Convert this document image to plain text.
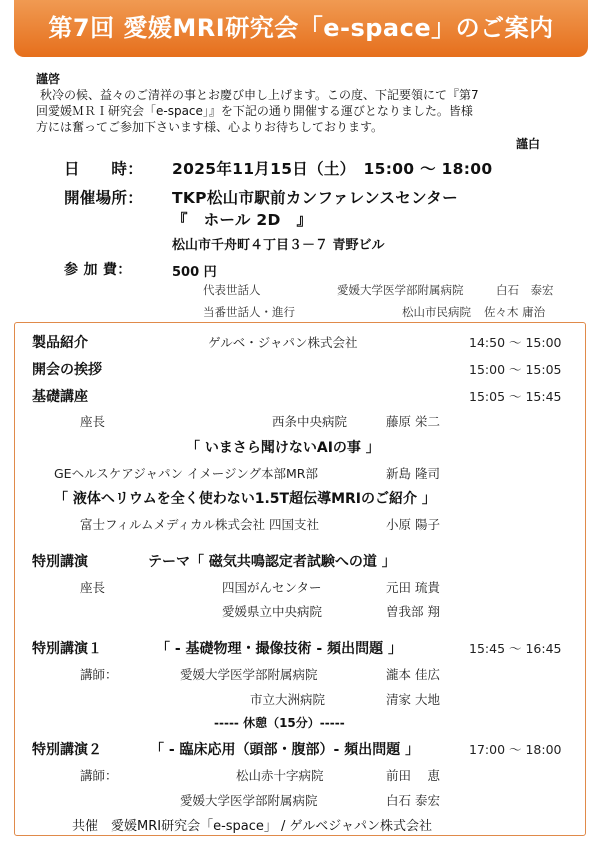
第7回 愛媛MRI研究会「e-space」のご案内
謹啓
秋冷の候、益々のご清祥の事とお慶び申し上げます。この度、下記要領にて『第7
回愛媛ＭＲＩ研究会「e-space」』を下記の通り開催する運びとなりました。皆様
方には奮ってご参加下さいます様、心よりお待ちしております。
謹白
日　　時： 2025年11月15日（土）　15:00 〜 18:00
開催場所： TKP松山市駅前カンファレンスセンター
『　ホール 2D　』
松山市千舟町４丁目３－７ 青野ビル
参 加 費：	500 円
代表世話人	愛媛大学医学部附属病院	白石　泰宏
当番世話人・進行	松山市民病院 佐々木 庸治
製品紹介	ゲルベ・ジャパン株式会社	14:50 〜 15:00
開会の挨拶	15:00 〜 15:05
基礎講座	15:05 〜 15:45
座長	西条中央病院	藤原 栄二
「 いまさら聞けないAIの事 」
GEヘルスケアジャパン イメージング本部MR部	新島 隆司
「 液体ヘリウムを全く使わない1.5T超伝導MRIのご紹介 」
富士フィルムメディカル株式会社 四国支社	小原 陽子
特別講演	テーマ「 磁気共鳴認定者試験への道 」
座長	四国がんセンター	元田 琉貴
愛媛県立中央病院	曽我部 翔
特別講演１	「 - 基礎物理・撮像技術 - 頻出問題 」	15:45 〜 16:45
講師：	愛媛大学医学部附属病院	瀧本 佳広
市立大洲病院	清家 大地
----- 休憩（15分）-----
特別講演２	「 - 臨床応用（頭部・腹部）- 頻出問題 」	17:00 〜 18:00
講師：	松山赤十字病院	前田　 恵
愛媛大学医学部附属病院	白石 泰宏
共催　愛媛MRI研究会「e-space」 / ゲルベジャパン株式会社
